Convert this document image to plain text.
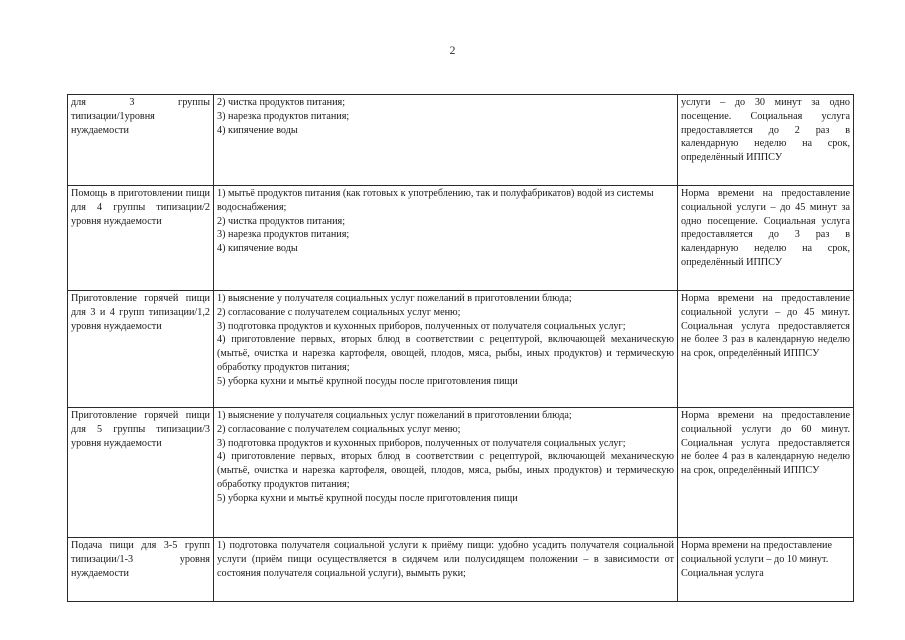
2
для 3 группы типизации/1уровня нуждаемости	2) чистка продуктов питания;
3) нарезка продуктов питания;
4) кипячение воды	услуги – до 30 минут за одно посещение. Социальная услуга предоставляется до 2 раз в календарную неделю на срок, определённый ИППСУ
Помощь в приготовлении пищи для 4 группы типизации/2 уровня нуждаемости	1) мытьё продуктов питания (как готовых к употреблению, так и полуфабрикатов) водой из системы водоснабжения;
2) чистка продуктов питания;
3) нарезка продуктов питания;
4) кипячение воды	Норма времени на предоставление социальной услуги – до 45 минут за одно посещение. Социальная услуга предоставляется до 3 раз в календарную неделю на срок, определённый ИППСУ
Приготовление горячей пищи для 3 и 4 групп типизации/1,2 уровня нуждаемости	1) выяснение у получателя социальных услуг пожеланий в приготовлении блюда;
2) согласование с получателем социальных услуг меню;
3) подготовка продуктов и кухонных приборов, полученных от получателя социальных услуг;
4) приготовление первых, вторых блюд в соответствии с рецептурой, включающей механическую (мытьё, очистка и нарезка картофеля, овощей, плодов, мяса, рыбы, иных продуктов) и термическую обработку продуктов питания;
5) уборка кухни и мытьё крупной посуды после приготовления пищи	Норма времени на предоставление социальной услуги – до 45 минут. Социальная услуга предоставляется не более 3 раз в календарную неделю на срок, определённый ИППСУ
Приготовление горячей пищи для 5 группы типизации/3 уровня нуждаемости	1) выяснение у получателя социальных услуг пожеланий в приготовлении блюда;
2) согласование с получателем социальных услуг меню;
3) подготовка продуктов и кухонных приборов, полученных от получателя социальных услуг;
4) приготовление первых, вторых блюд в соответствии с рецептурой, включающей механическую (мытьё, очистка и нарезка картофеля, овощей, плодов, мяса, рыбы, иных продуктов) и термическую обработку продуктов питания;
5) уборка кухни и мытьё крупной посуды после приготовления пищи	Норма времени на предоставление социальной услуги до 60 минут. Социальная услуга предоставляется не более 4 раз в календарную неделю на срок, определённый ИППСУ
Подача пищи для 3-5 групп типизации/1-3 уровня нуждаемости	1) подготовка получателя социальной услуги к приёму пищи: удобно усадить получателя социальной услуги (приём пищи осуществляется в сидячем или полусидящем положении – в зависимости от состояния получателя социальной услуги), вымыть руки;	Норма времени на предоставление социальной услуги – до 10 минут. Социальная услуга
